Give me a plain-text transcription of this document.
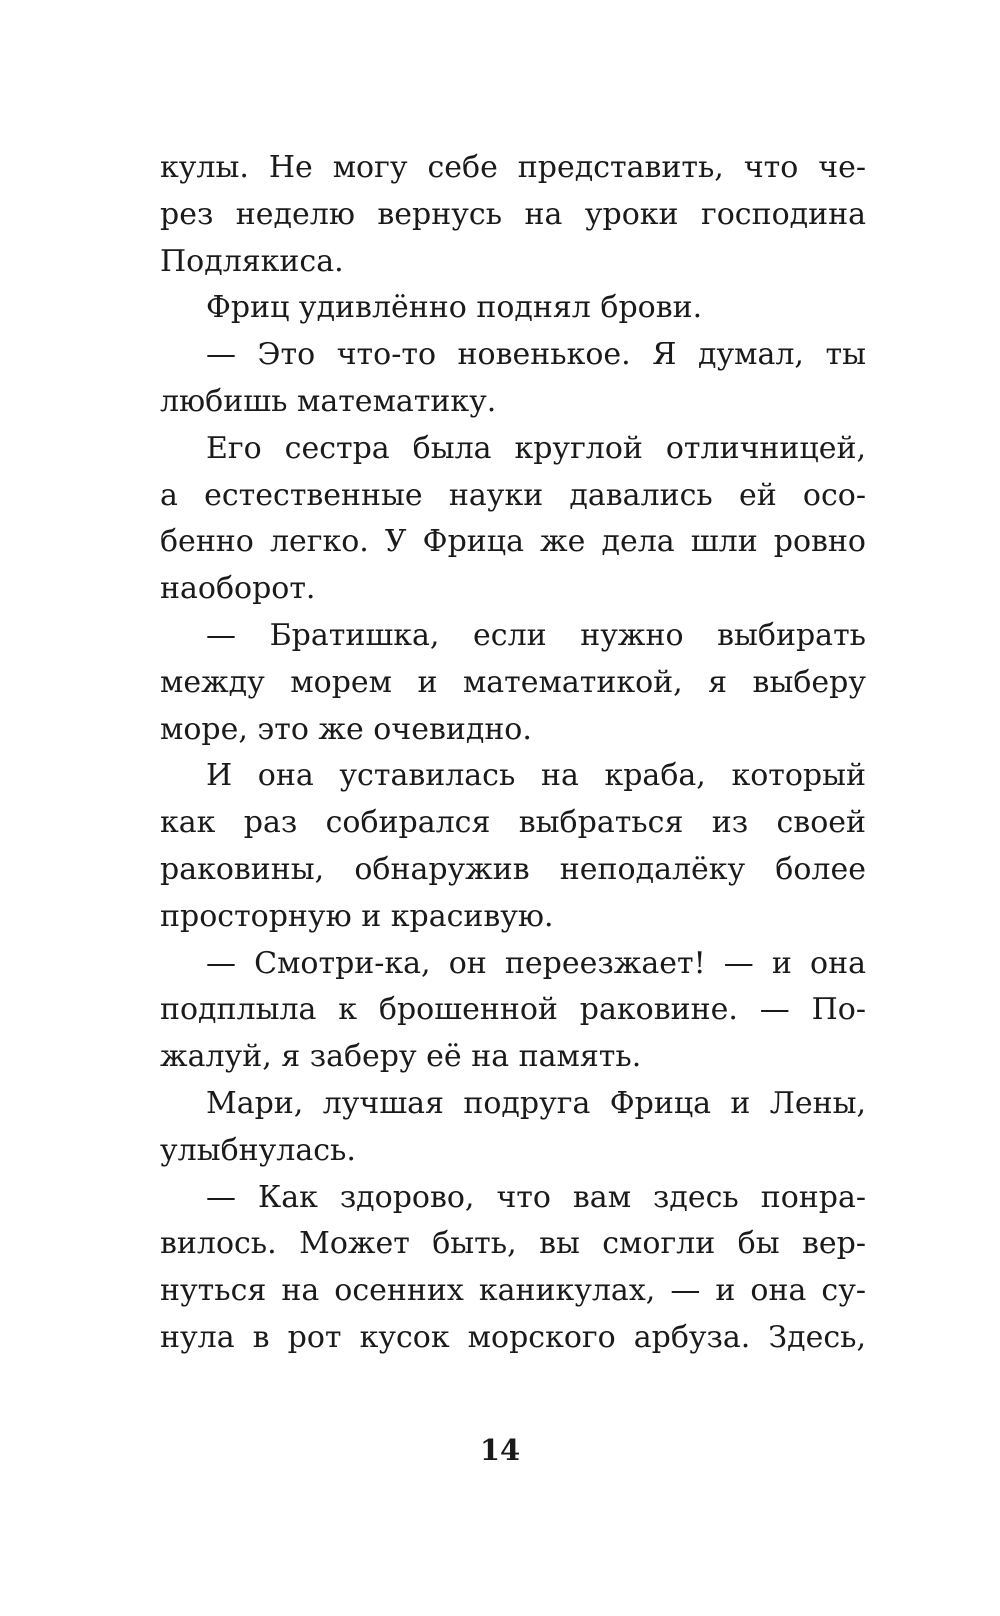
кулы. Не могу себе представить, что че-
рез неделю вернусь на уроки господина
Подлякиса.
Фриц удивлённо поднял брови.
— Это что-то новенькое. Я думал, ты
любишь математику.
Его сестра была круглой отличницей,
а естественные науки давались ей осо-
бенно легко. У Фрица же дела шли ровно
наоборот.
— Братишка, если нужно выбирать
между морем и математикой, я выберу
море, это же очевидно.
И она уставилась на краба, который
как раз собирался выбраться из своей
раковины, обнаружив неподалёку более
просторную и красивую.
— Смотри-ка, он переезжает! — и она
подплыла к брошенной раковине. — По-
жалуй, я заберу её на память.
Мари, лучшая подруга Фрица и Лены,
улыбнулась.
— Как здорово, что вам здесь понра-
вилось. Может быть, вы смогли бы вер-
нуться на осенних каникулах, — и она су-
нула в рот кусок морского арбуза. Здесь,
14
